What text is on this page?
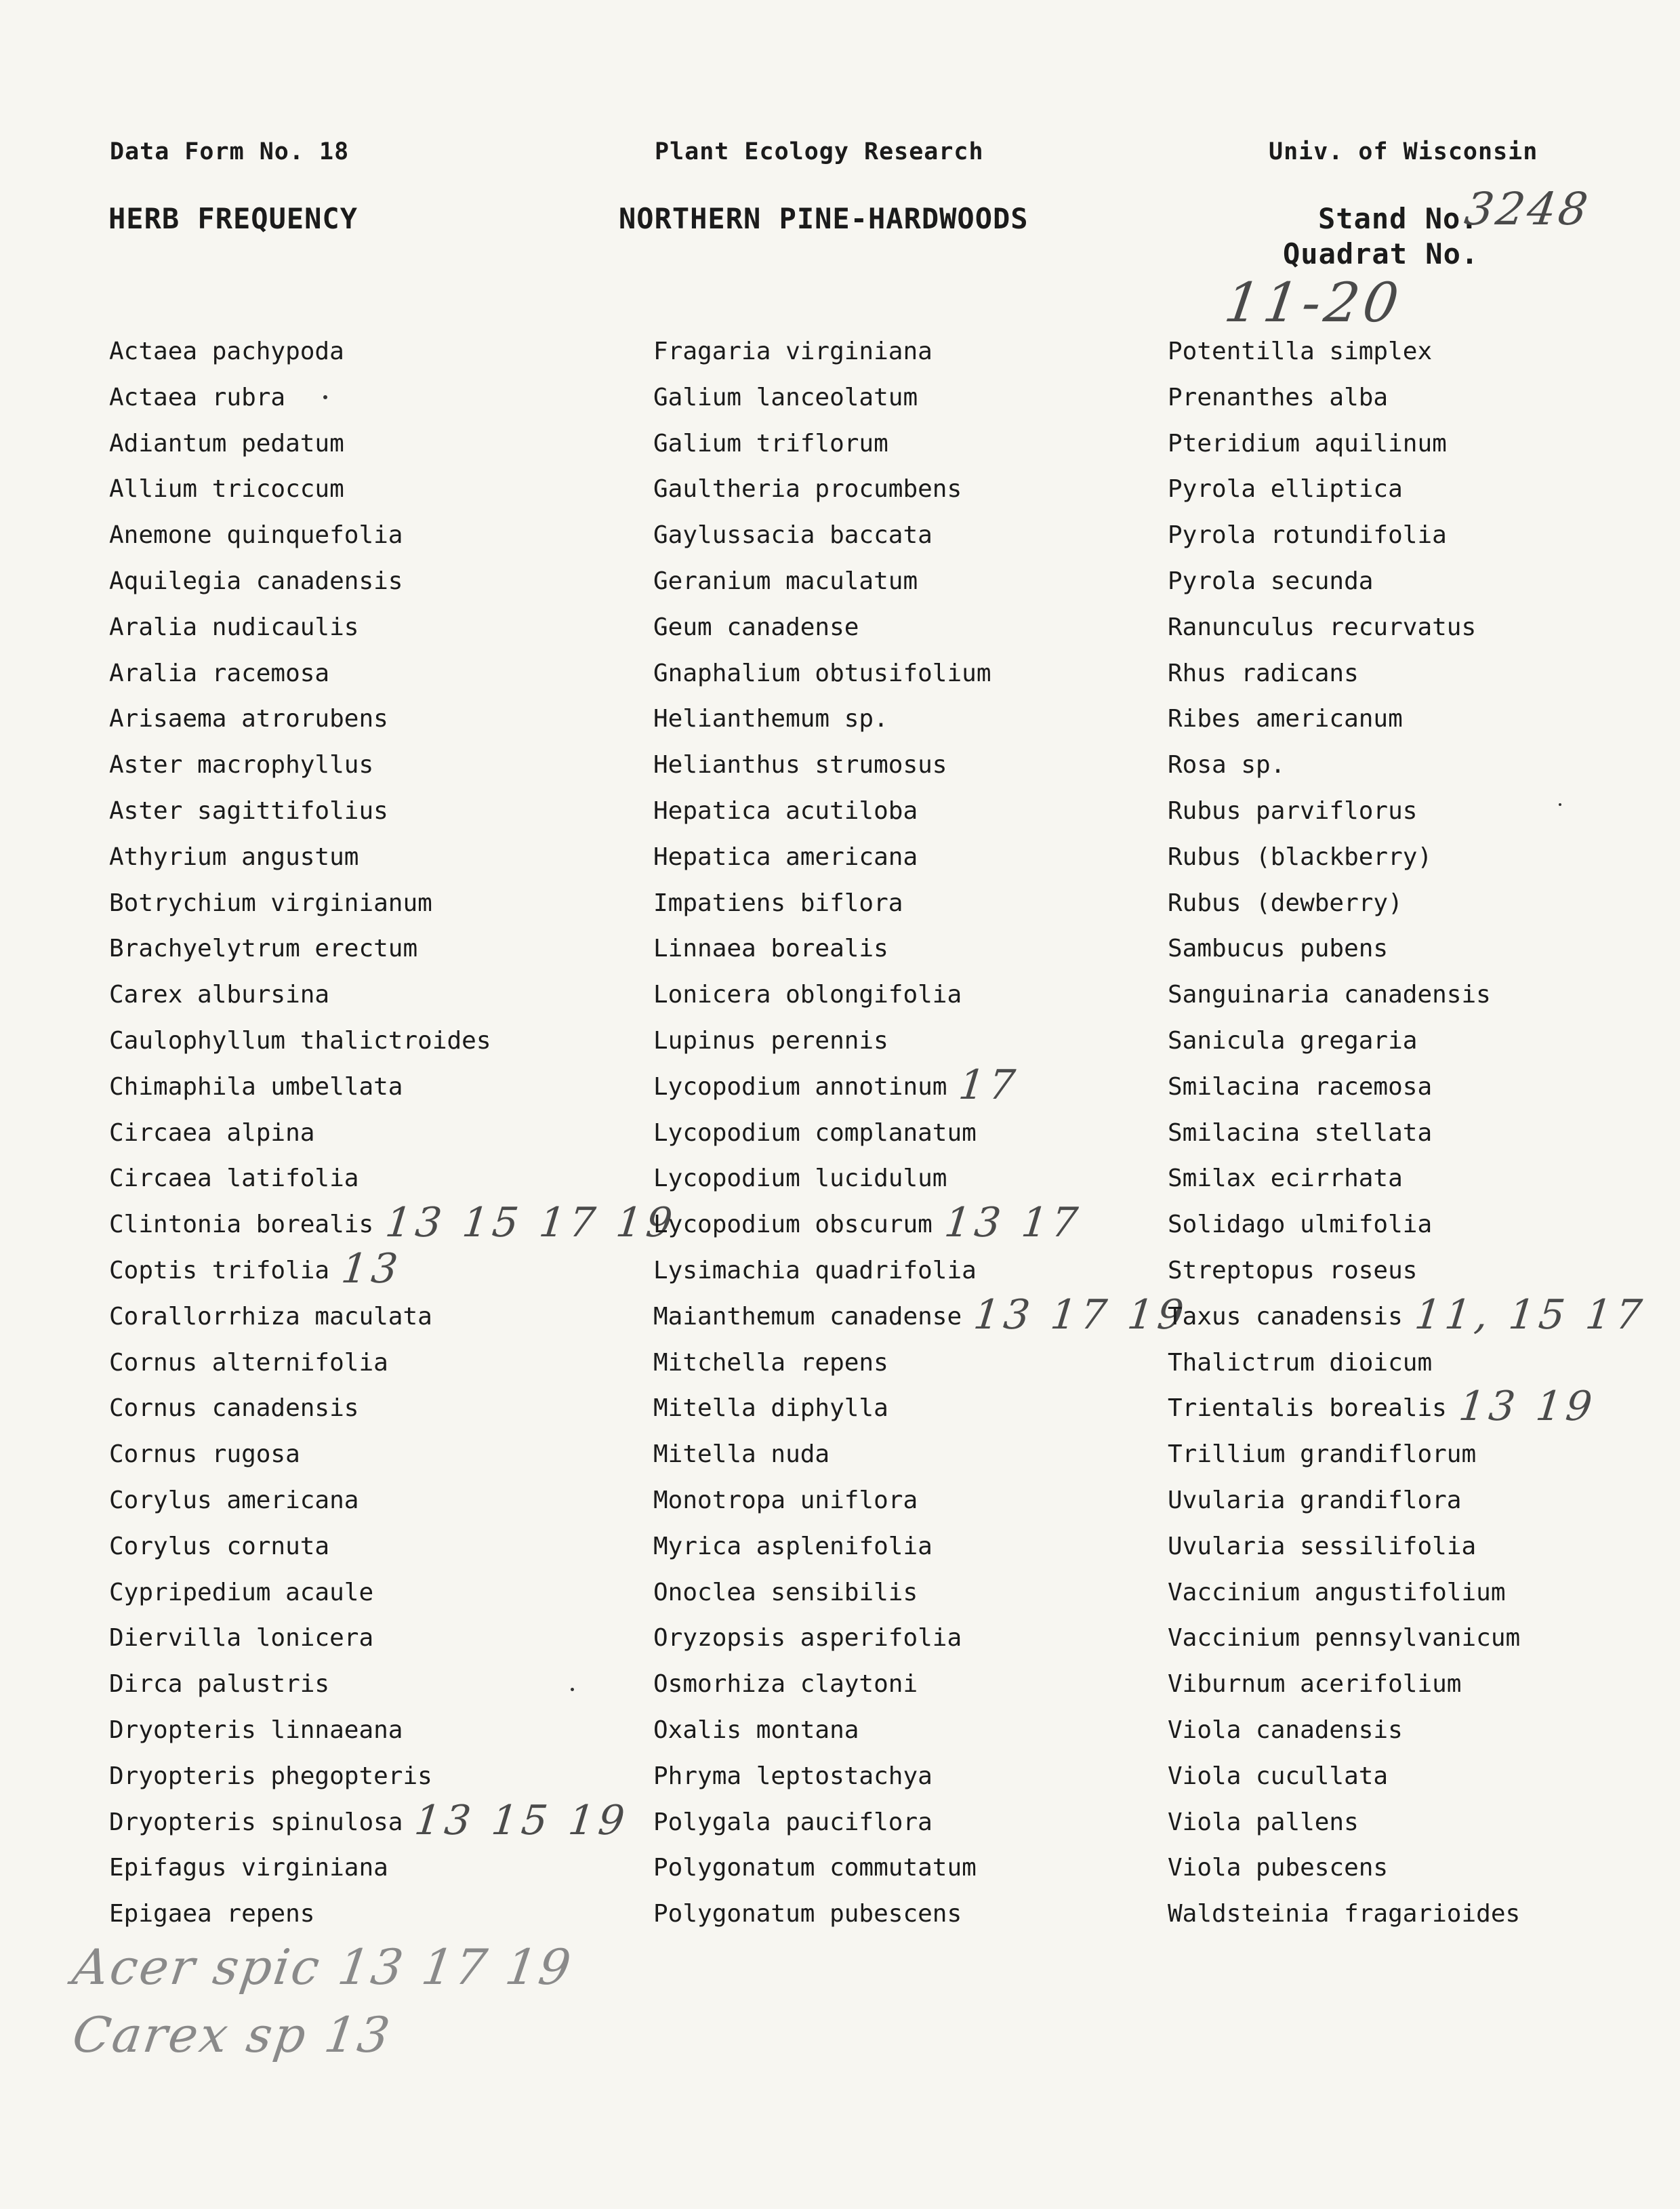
Data Form No. 18	Plant Ecology Research	Univ. of Wisconsin
HERB FREQUENCY	NORTHERN PINE-HARDWOODS	Stand No.
Quadrat No.
3248
11-20
Actaea pachypoda
Actaea rubra
Adiantum pedatum
Allium tricoccum
Anemone quinquefolia
Aquilegia canadensis
Aralia nudicaulis
Aralia racemosa
Arisaema atrorubens
Aster macrophyllus
Aster sagittifolius
Athyrium angustum
Botrychium virginianum
Brachyelytrum erectum
Carex albursina
Caulophyllum thalictroides
Chimaphila umbellata
Circaea alpina
Circaea latifolia
Clintonia borealis 13 15 17 19
Coptis trifolia 13
Corallorrhiza maculata
Cornus alternifolia
Cornus canadensis
Cornus rugosa
Corylus americana
Corylus cornuta
Cypripedium acaule
Diervilla lonicera
Dirca palustris
Dryopteris linnaeana
Dryopteris phegopteris
Dryopteris spinulosa 13 15 19
Epifagus virginiana
Epigaea repens
Fragaria virginiana
Galium lanceolatum
Galium triflorum
Gaultheria procumbens
Gaylussacia baccata
Geranium maculatum
Geum canadense
Gnaphalium obtusifolium
Helianthemum sp.
Helianthus strumosus
Hepatica acutiloba
Hepatica americana
Impatiens biflora
Linnaea borealis
Lonicera oblongifolia
Lupinus perennis
Lycopodium annotinum 17
Lycopodium complanatum
Lycopodium lucidulum
Lycopodium obscurum 13 17
Lysimachia quadrifolia
Maianthemum canadense 13 17 19
Mitchella repens
Mitella diphylla
Mitella nuda
Monotropa uniflora
Myrica asplenifolia
Onoclea sensibilis
Oryzopsis asperifolia
Osmorhiza claytoni
Oxalis montana
Phryma leptostachya
Polygala pauciflora
Polygonatum commutatum
Polygonatum pubescens
Potentilla simplex
Prenanthes alba
Pteridium aquilinum
Pyrola elliptica
Pyrola rotundifolia
Pyrola secunda
Ranunculus recurvatus
Rhus radicans
Ribes americanum
Rosa sp.
Rubus parviflorus
Rubus (blackberry)
Rubus (dewberry)
Sambucus pubens
Sanguinaria canadensis
Sanicula gregaria
Smilacina racemosa
Smilacina stellata
Smilax ecirrhata
Solidago ulmifolia
Streptopus roseus
Taxus canadensis 11, 15 17
Thalictrum dioicum
Trientalis borealis 13 19
Trillium grandiflorum
Uvularia grandiflora
Uvularia sessilifolia
Vaccinium angustifolium
Vaccinium pennsylvanicum
Viburnum acerifolium
Viola canadensis
Viola cucullata
Viola pallens
Viola pubescens
Waldsteinia fragarioides
Acer spic 13 17 19
Carex sp 13
